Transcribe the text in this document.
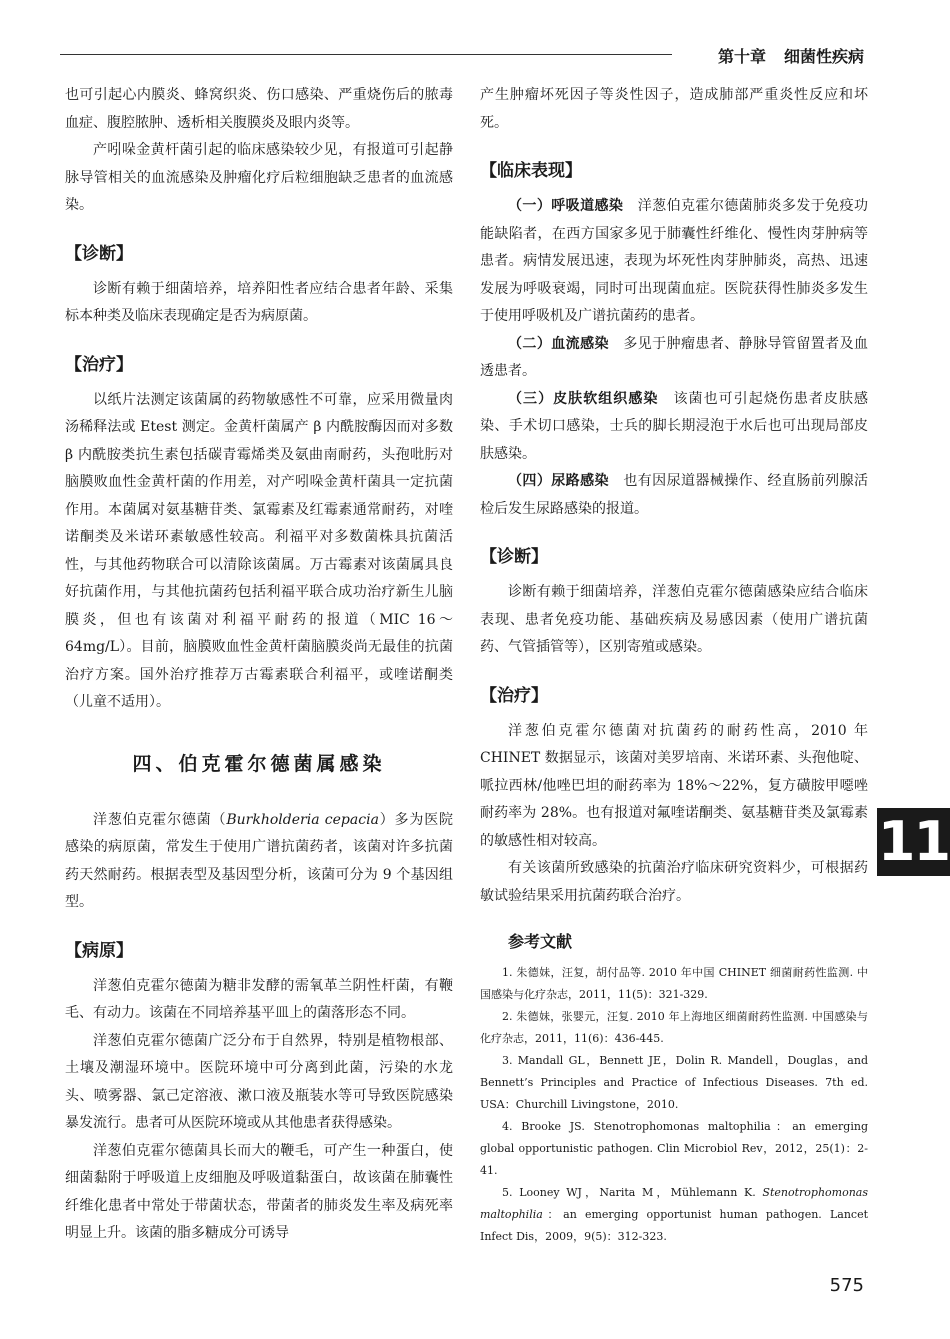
第十章 细菌性疾病

也可引起心内膜炎、蜂窝织炎、伤口感染、严重烧伤后的脓毒血症、腹腔脓肿、透析相关腹膜炎及眼内炎等。

产吲哚金黄杆菌引起的临床感染较少见，有报道可引起静脉导管相关的血流感染及肿瘤化疗后粒细胞缺乏患者的血流感染。

【诊断】

诊断有赖于细菌培养，培养阳性者应结合患者年龄、采集标本种类及临床表现确定是否为病原菌。

【治疗】

以纸片法测定该菌属的药物敏感性不可靠，应采用微量肉汤稀释法或 Etest 测定。金黄杆菌属产 β 内酰胺酶因而对多数 β 内酰胺类抗生素包括碳青霉烯类及氨曲南耐药，头孢吡肟对脑膜败血性金黄杆菌的作用差，对产吲哚金黄杆菌具一定抗菌作用。本菌属对氨基糖苷类、氯霉素及红霉素通常耐药，对喹诺酮类及米诺环素敏感性较高。利福平对多数菌株具抗菌活性，与其他药物联合可以清除该菌属。万古霉素对该菌属具良好抗菌作用，与其他抗菌药包括利福平联合成功治疗新生儿脑膜炎，但也有该菌对利福平耐药的报道（MIC 16～64mg/L）。目前，脑膜败血性金黄杆菌脑膜炎尚无最佳的抗菌治疗方案。国外治疗推荐万古霉素联合利福平，或喹诺酮类（儿童不适用）。

四、伯克霍尔德菌属感染

洋葱伯克霍尔德菌（Burkholderia cepacia）多为医院感染的病原菌，常发生于使用广谱抗菌药者，该菌对许多抗菌药天然耐药。根据表型及基因型分析，该菌可分为 9 个基因组型。

【病原】

洋葱伯克霍尔德菌为糖非发酵的需氧革兰阴性杆菌，有鞭毛、有动力。该菌在不同培养基平皿上的菌落形态不同。

洋葱伯克霍尔德菌广泛分布于自然界，特别是植物根部、土壤及潮湿环境中。医院环境中可分离到此菌，污染的水龙头、喷雾器、氯己定溶液、漱口液及瓶装水等可导致医院感染暴发流行。患者可从医院环境或从其他患者获得感染。

洋葱伯克霍尔德菌具长而大的鞭毛，可产生一种蛋白，使细菌黏附于呼吸道上皮细胞及呼吸道黏蛋白，故该菌在肺囊性纤维化患者中常处于带菌状态，带菌者的肺炎发生率及病死率明显上升。该菌的脂多糖成分可诱导

产生肿瘤坏死因子等炎性因子，造成肺部严重炎性反应和坏死。

【临床表现】

（一）呼吸道感染　 洋葱伯克霍尔德菌肺炎多发于免疫功能缺陷者，在西方国家多见于肺囊性纤维化、慢性肉芽肿病等患者。病情发展迅速，表现为坏死性肉芽肿肺炎，高热、迅速发展为呼吸衰竭，同时可出现菌血症。医院获得性肺炎多发生于使用呼吸机及广谱抗菌药的患者。

（二）血流感染　 多见于肿瘤患者、静脉导管留置者及血透患者。

（三）皮肤软组织感染　 该菌也可引起烧伤患者皮肤感染、手术切口感染，士兵的脚长期浸泡于水后也可出现局部皮肤感染。

（四）尿路感染　 也有因尿道器械操作、经直肠前列腺活检后发生尿路感染的报道。

【诊断】

诊断有赖于细菌培养，洋葱伯克霍尔德菌感染应结合临床表现、患者免疫功能、基础疾病及易感因素（使用广谱抗菌药、气管插管等），区别寄殖或感染。

【治疗】

洋葱伯克霍尔德菌对抗菌药的耐药性高，2010 年 CHINET 数据显示，该菌对美罗培南、米诺环素、头孢他啶、哌拉西林/他唑巴坦的耐药率为 18%～22%，复方磺胺甲噁唑耐药率为 28%。也有报道对氟喹诺酮类、氨基糖苷类及氯霉素的敏感性相对较高。

有关该菌所致感染的抗菌治疗临床研究资料少，可根据药敏试验结果采用抗菌药联合治疗。

参考文献

1. 朱德妹，汪复，胡付品等. 2010 年中国 CHINET 细菌耐药性监测. 中国感染与化疗杂志，2011，11(5)：321-329.

2. 朱德妹，张婴元，汪复. 2010 年上海地区细菌耐药性监测. 中国感染与化疗杂志，2011，11(6)：436-445.

3. Mandall GL，Bennett JE，Dolin R. Mandell，Douglas，and Bennett’s Principles and Practice of Infectious Diseases. 7th ed. USA：Churchill Livingstone，2010.

4. Brooke JS. Stenotrophomonas maltophilia：an emerging global opportunistic pathogen. Clin Microbiol Rev，2012，25(1)：2-41.

5. Looney WJ，Narita M，Mühlemann K. Stenotrophomonas maltophilia：an emerging opportunist human pathogen. Lancet Infect Dis，2009，9(5)：312-323.

11
575
